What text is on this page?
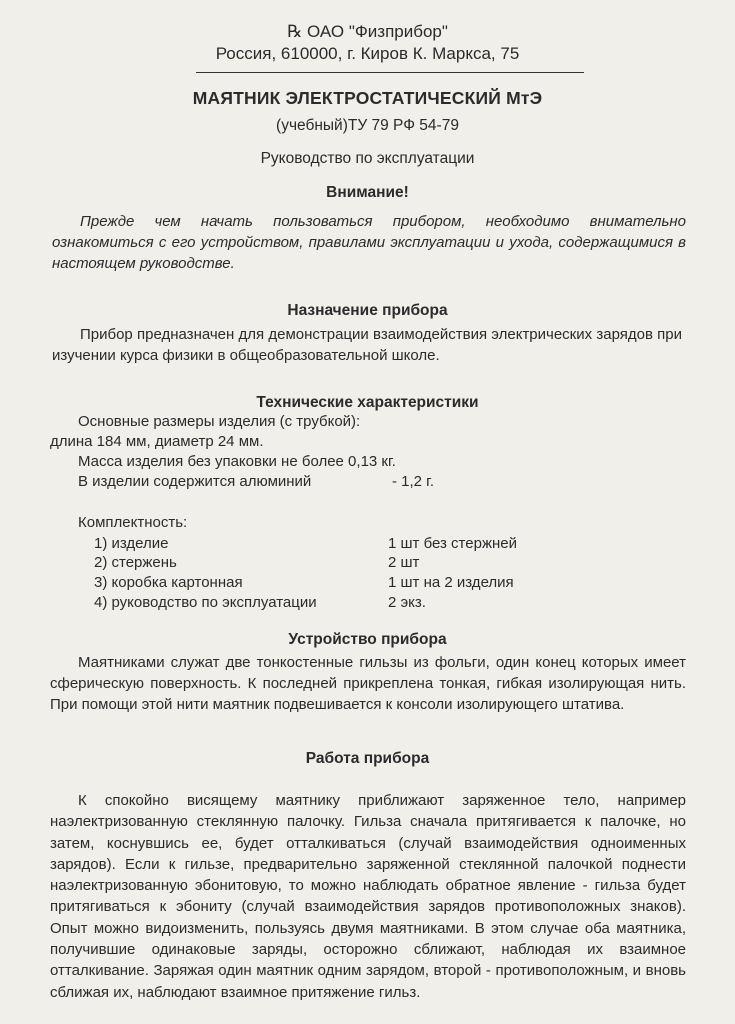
℞ ОАО "Физприбор"
Россия, 610000, г. Киров К. Маркса, 75
МАЯТНИК ЭЛЕКТРОСТАТИЧЕСКИЙ МтЭ
(учебный)ТУ 79 РФ 54-79
Руководство по эксплуатации
Внимание!
Прежде чем начать пользоваться прибором, необходимо внимательно ознакомиться с его устройством, правилами эксплуатации и ухода, содержащимися в настоящем руководстве.
Назначение прибора
Прибор предназначен для демонстрации взаимодействия электрических зарядов при изучении курса физики в общеобразовательной школе.
Технические характеристики
Основные размеры изделия (с трубкой):
длина 184 мм, диаметр 24 мм.
Масса изделия без упаковки не более 0,13 кг.
В изделии содержится алюминий	- 1,2 г.
Комплектность:
1) изделие	1 шт без стержней
2) стержень	2 шт
3) коробка картонная	1 шт на 2 изделия
4) руководство по эксплуатации	2 экз.
Устройство прибора
Маятниками служат две тонкостенные гильзы из фольги, один конец которых имеет сферическую поверхность. К последней прикреплена тонкая, гибкая изолирующая нить. При помощи этой нити маятник подвешивается к консоли изолирующего штатива.
Работа прибора
К спокойно висящему маятнику приближают заряженное тело, например наэлектризованную стеклянную палочку. Гильза сначала притягивается к палочке, но затем, коснувшись ее, будет отталкиваться (случай взаимодействия одноименных зарядов). Если к гильзе, предварительно заряженной стеклянной палочкой поднести наэлектризованную эбонитовую, то можно наблюдать обратное явление - гильза будет притягиваться к эбониту (случай взаимодействия зарядов противоположных знаков). Опыт можно видоизменить, пользуясь двумя маятниками. В этом случае оба маятника, получившие одинаковые заряды, осторожно сближают, наблюдая их взаимное отталкивание. Заряжая один маятник одним зарядом, второй - противоположным, и вновь сближая их, наблюдают взаимное притяжение гильз.
